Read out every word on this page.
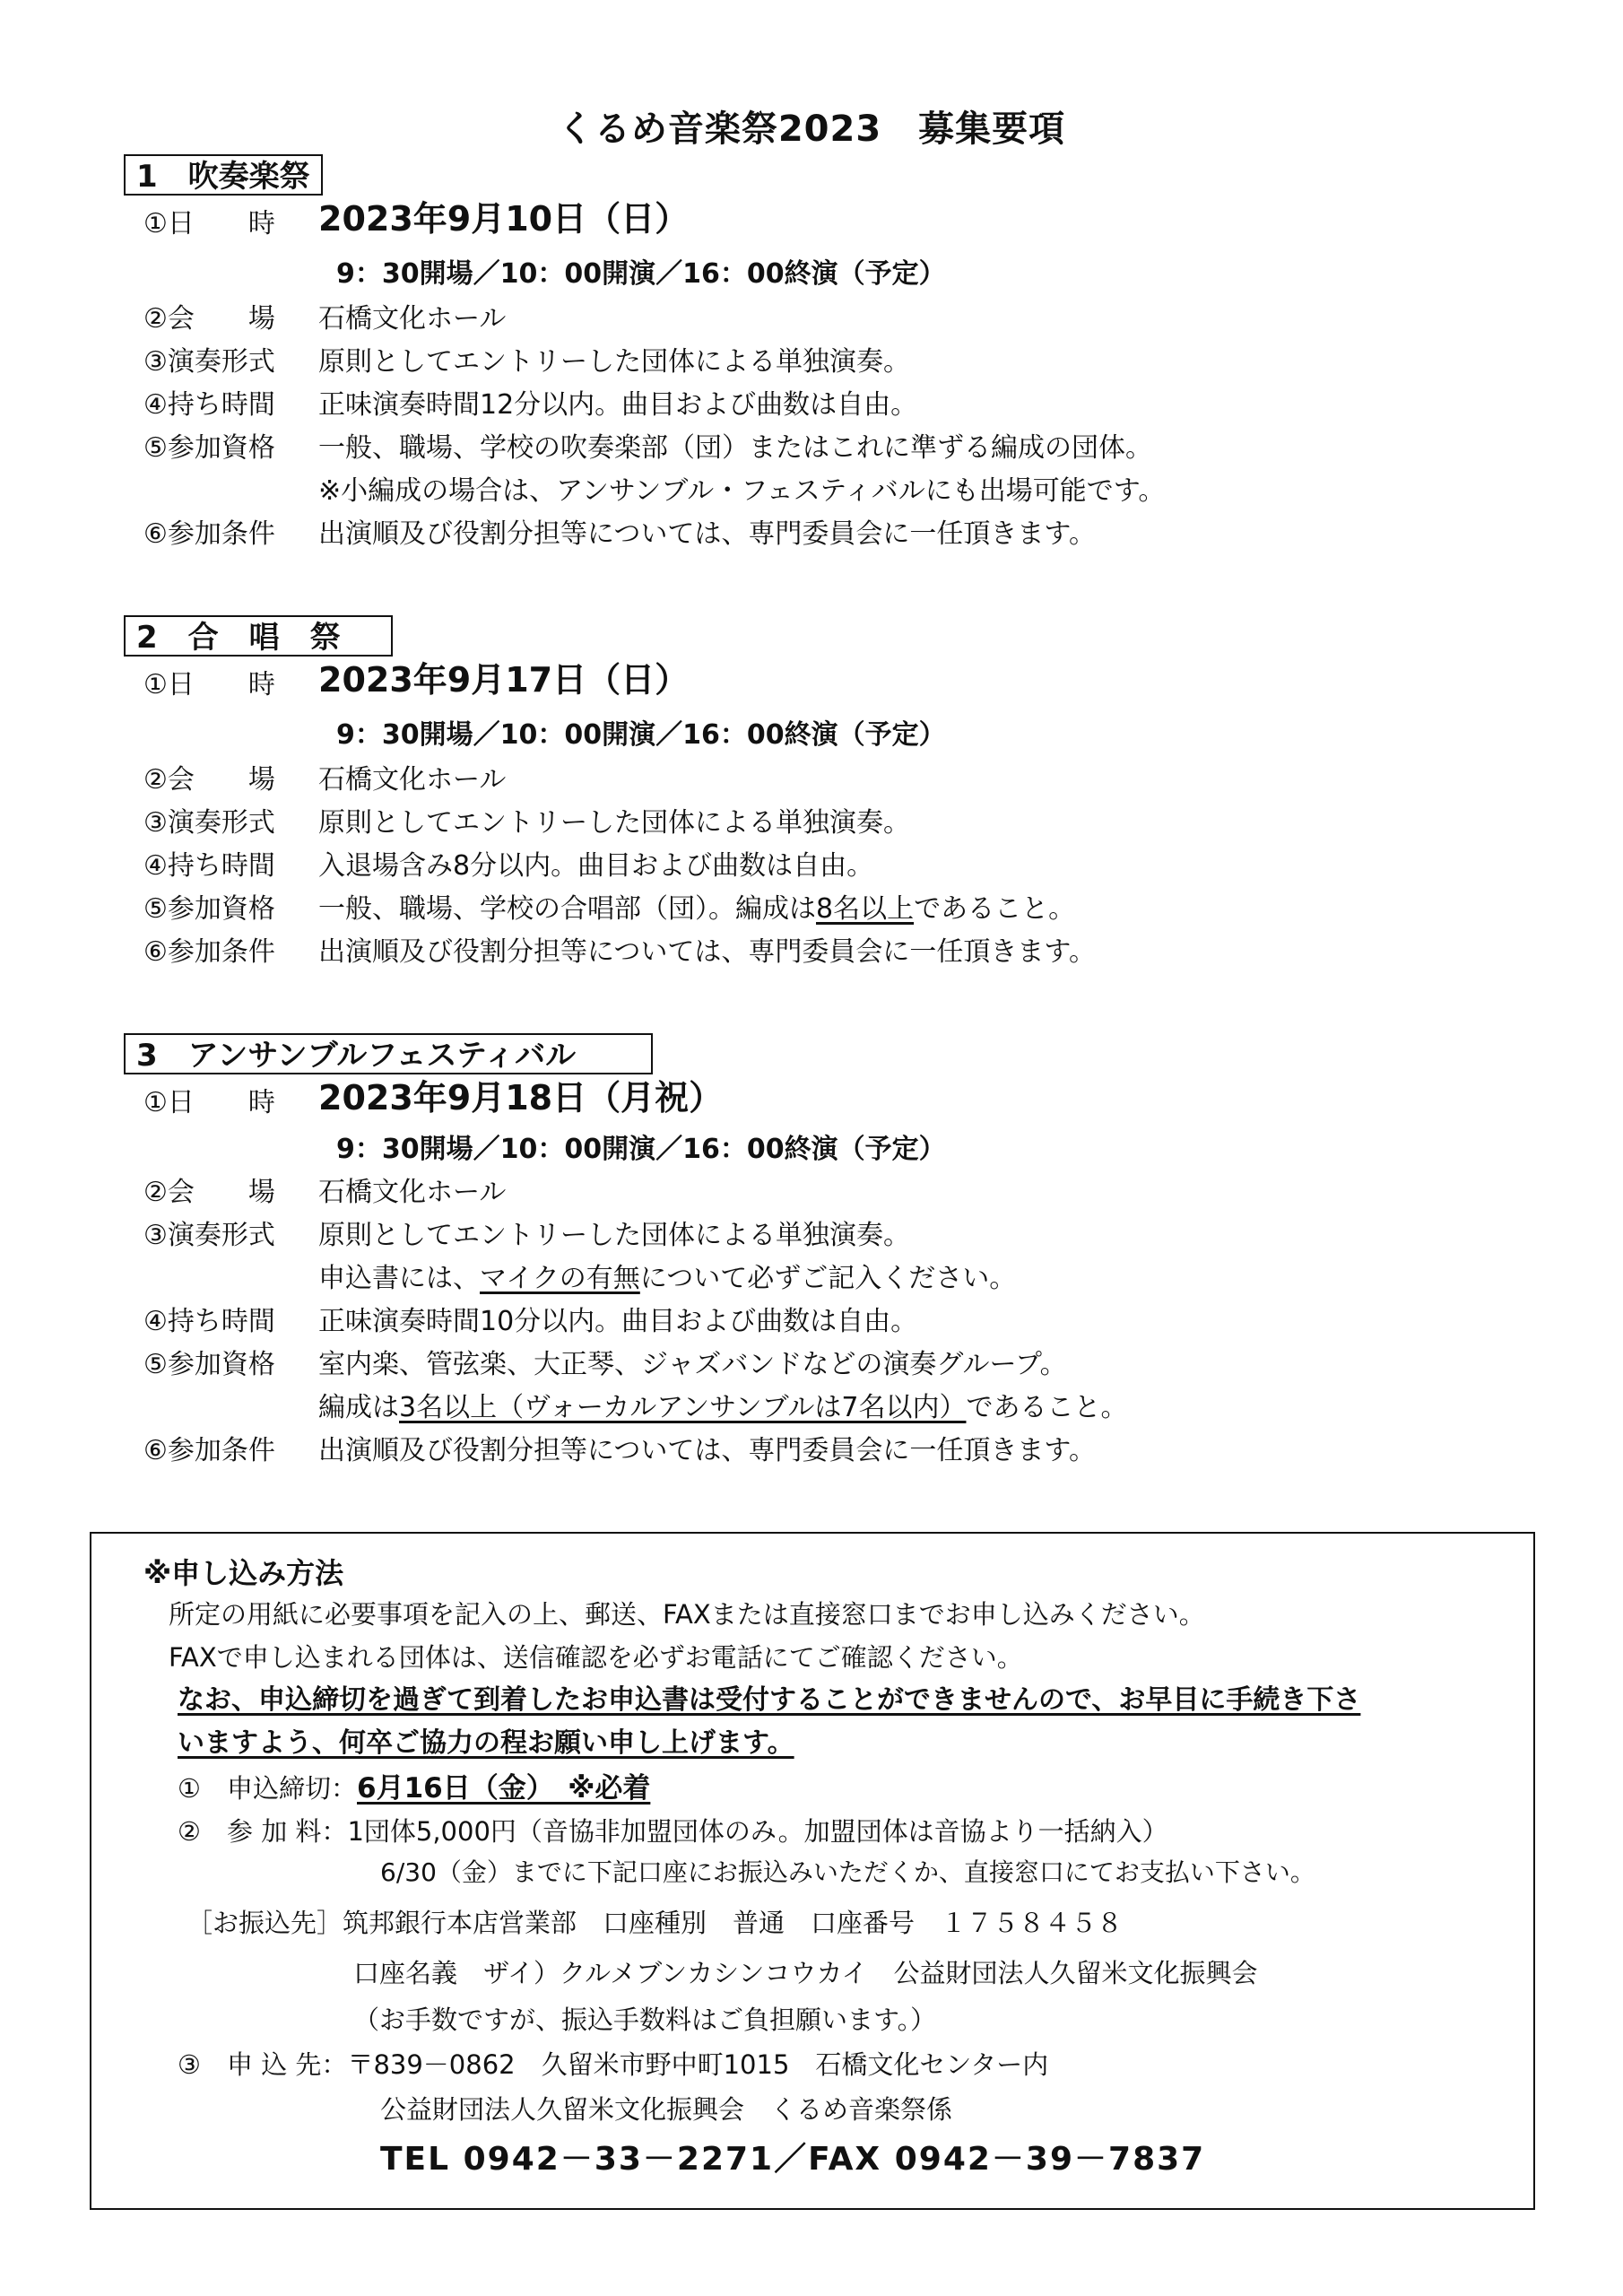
くるめ音楽祭2023　募集要項
1　吹奏楽祭
①日　　時	2023年9月10日（日）
9：30開場／10：00開演／16：00終演（予定）
②会　　場	石橋文化ホール
③演奏形式	原則としてエントリーした団体による単独演奏。
④持ち時間	正味演奏時間12分以内。曲目および曲数は自由。
⑤参加資格	一般、職場、学校の吹奏楽部（団）またはこれに準ずる編成の団体。
※小編成の場合は、アンサンブル・フェスティバルにも出場可能です。
⑥参加条件	出演順及び役割分担等については、専門委員会に一任頂きます。
2　合　唱　祭
①日　　時	2023年9月17日（日）
9：30開場／10：00開演／16：00終演（予定）
②会　　場	石橋文化ホール
③演奏形式	原則としてエントリーした団体による単独演奏。
④持ち時間	入退場含み8分以内。曲目および曲数は自由。
⑤参加資格	一般、職場、学校の合唱部（団）。編成は8名以上であること。
⑥参加条件	出演順及び役割分担等については、専門委員会に一任頂きます。
3　アンサンブルフェスティバル
①日　　時	2023年9月18日（月祝）
9：30開場／10：00開演／16：00終演（予定）
②会　　場	石橋文化ホール
③演奏形式	原則としてエントリーした団体による単独演奏。
申込書には、マイクの有無について必ずご記入ください。
④持ち時間	正味演奏時間10分以内。曲目および曲数は自由。
⑤参加資格	室内楽、管弦楽、大正琴、ジャズバンドなどの演奏グループ。
編成は3名以上（ヴォーカルアンサンブルは7名以内）であること。
⑥参加条件	出演順及び役割分担等については、専門委員会に一任頂きます。
※申し込み方法
所定の用紙に必要事項を記入の上、郵送、FAXまたは直接窓口までお申し込みください。
FAXで申し込まれる団体は、送信確認を必ずお電話にてご確認ください。
なお、申込締切を過ぎて到着したお申込書は受付することができませんので、お早目に手続き下さ
いますよう、何卒ご協力の程お願い申し上げます。
①　申込締切：6月16日（金）　※必着
②　参 加 料：1団体5,000円（音協非加盟団体のみ。加盟団体は音協より一括納入）
6/30（金）までに下記口座にお振込みいただくか、直接窓口にてお支払い下さい。
［お振込先］筑邦銀行本店営業部　口座種別　普通　口座番号　１７５８４５８
口座名義　ザイ）クルメブンカシンコウカイ　公益財団法人久留米文化振興会
（お手数ですが、振込手数料はご負担願います。）
③　申 込 先：〒839－0862　久留米市野中町1015　石橋文化センター内
公益財団法人久留米文化振興会　くるめ音楽祭係
TEL 0942－33－2271／FAX 0942－39－7837
